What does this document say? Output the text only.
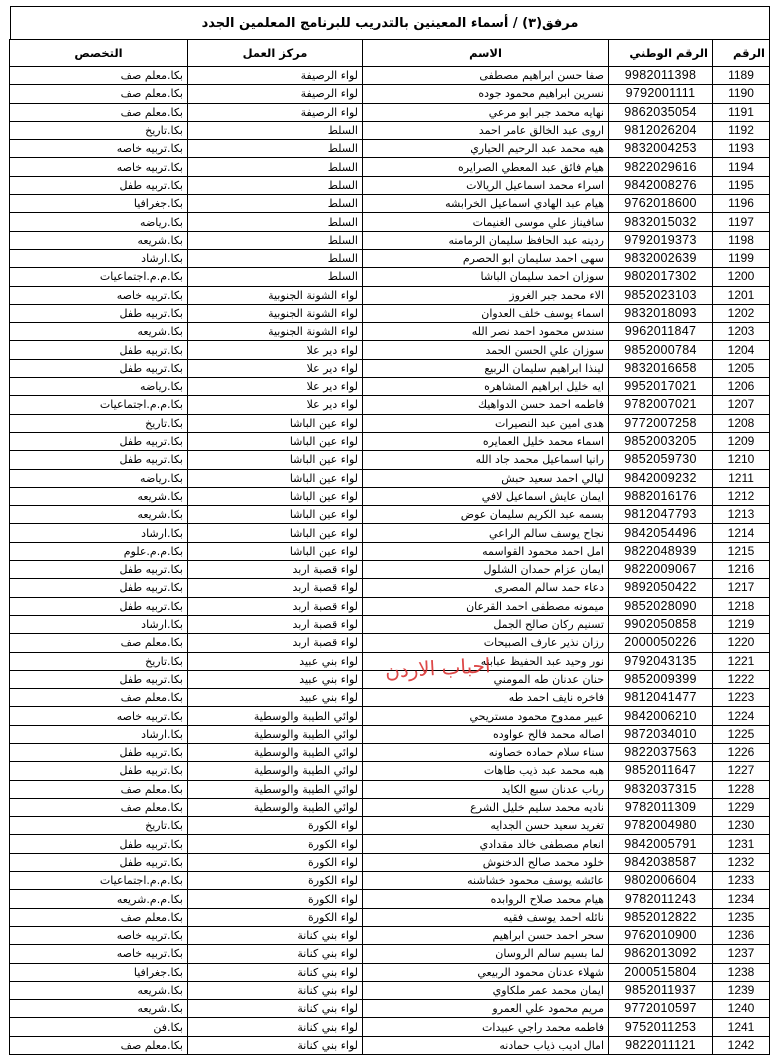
مرفق(٣) / أسماء المعينين بالتدريب للبرنامج المعلمين الجدد
الرقم	الرقم الوطني	الاسم	مركز العمل	التخصص
1189	9982011398	صفا حسن ابراهيم مصطفى	لواء الرصيفة	بكا.معلم صف
1190	9792001111	نسرين ابراهيم محمود جوده	لواء الرصيفة	بكا.معلم صف
1191	9862035054	نهايه محمد جبر ابو مرعي	لواء الرصيفة	بكا.معلم صف
1192	9812026204	اروى عبد الخالق عامر احمد	السلط	بكا.تاريخ
1193	9832004253	هيه محمد عبد الرحيم الحياري	السلط	بكا.تربيه خاصه
1194	9822029616	هيام فائق عبد المعطي الصرايره	السلط	بكا.تربيه خاصه
1195	9842008276	اسراء محمد اسماعيل الريالات	السلط	بكا.تربيه طفل
1196	9762018600	هيام عبد الهادي اسماعيل الخرابشه	السلط	بكا.جغرافيا
1197	9832015032	سافيناز علي موسى الغنيمات	السلط	بكا.رياضه
1198	9792019373	ردينه عبد الحافظ سليمان الرمامنه	السلط	بكا.شريعه
1199	9832002639	سهى احمد سليمان ابو الحصرم	السلط	بكا.ارشاد
1200	9802017302	سوزان احمد سليمان الباشا	السلط	بكا.م.م.اجتماعيات
1201	9852023103	الاء محمد جبر الغروز	لواء الشونة الجنوبية	بكا.تربيه خاصه
1202	9832018093	اسماء يوسف خلف العدوان	لواء الشونة الجنوبية	بكا.تربيه طفل
1203	9962011847	سندس محمود احمد نصر الله	لواء الشونة الجنوبية	بكا.شريعه
1204	9852000784	سوزان علي الحسن الحمد	لواء دير علا	بكا.تربيه طفل
1205	9832016658	لينذا ابراهيم سليمان الربيع	لواء دير علا	بكا.تربيه طفل
1206	9952017021	ايه خليل ابراهيم المشاهره	لواء دير علا	بكا.رياضه
1207	9782007021	فاطمه احمد حسن الدواهيك	لواء دير علا	بكا.م.م.اجتماعيات
1208	9772007258	هدى امين عبد النصيرات	لواء عين الباشا	بكا.تاريخ
1209	9852003205	اسماء محمد خليل العمايره	لواء عين الباشا	بكا.تربيه طفل
1210	9852059730	رانيا اسماعيل محمد جاد الله	لواء عين الباشا	بكا.تربيه طفل
1211	9842009232	ليالي احمد سعيد حبش	لواء عين الباشا	بكا.رياضه
1212	9882016176	ايمان عايش اسماعيل لافي	لواء عين الباشا	بكا.شريعه
1213	9812047793	بسمه عبد الكريم سليمان عوض	لواء عين الباشا	بكا.شريعه
1214	9842054496	نجاح يوسف سالم الراعي	لواء عين الباشا	بكا.ارشاد
1215	9822048939	امل احمد محمود القواسمه	لواء عين الباشا	بكا.م.م.علوم
1216	9822009067	ايمان عزام حمدان الشلول	لواء قصبة اربد	بكا.تربيه طفل
1217	9892050422	دعاء حمد سالم المصرى	لواء قصبة اربد	بكا.تربيه طفل
1218	9852028090	ميمونه مصطفى احمد القرعان	لواء قصبة اربد	بكا.تربيه طفل
1219	9902050858	تسنيم ركان صالح الجمل	لواء قصبة اربد	بكا.ارشاد
1220	2000050226	رزان نذير عارف الصبيحات	لواء قصبة اربد	بكا.معلم صف
1221	9792043135	نور وحيد عبد الحفيظ عبابنه	لواء بني عبيد	بكا.تاريخ
1222	9852009399	حنان عدنان طه المومني	لواء بني عبيد	بكا.تربيه طفل
1223	9812041477	فاخره نايف احمد طه	لواء بني عبيد	بكا.معلم صف
1224	9842006210	عبير ممدوح محمود مستريحي	لوائي الطيبة والوسطية	بكا.تربيه خاصه
1225	9872034010	اصاله محمد فالح عواوده	لوائي الطيبة والوسطية	بكا.ارشاد
1226	9822037563	سناء سلام حماده خصاونه	لوائي الطيبة والوسطية	بكا.تربيه طفل
1227	9852011647	هبه محمد عبد ذيب طاهات	لوائي الطيبة والوسطية	بكا.تربيه طفل
1228	9832037315	رباب عدنان سبع الكايد	لوائي الطيبة والوسطية	بكا.معلم صف
1229	9782011309	ناديه محمد سليم خليل الشرع	لوائي الطيبة والوسطية	بكا.معلم صف
1230	9782004980	تغريد سعيد حسن الجدايه	لواء الكورة	بكا.تاريخ
1231	9842005791	انعام مصطفى خالد مقدادي	لواء الكورة	بكا.تربيه طفل
1232	9842038587	خلود محمد صالح الدخنوش	لواء الكورة	بكا.تربيه طفل
1233	9802006604	عائشه يوسف محمود خشاشنه	لواء الكورة	بكا.م.م.اجتماعيات
1234	9782011243	هيام محمد صلاح الروابده	لواء الكورة	بكا.م.م.شريعه
1235	9852012822	نائله احمد يوسف فقيه	لواء الكورة	بكا.معلم صف
1236	9762010900	سحر احمد حسن ابراهيم	لواء بني كنانة	بكا.تربيه خاصه
1237	9862013092	لما بسيم سالم الروسان	لواء بني كنانة	بكا.تربيه خاصه
1238	2000515804	شهلاء عدنان محمود الربيعي	لواء بني كنانة	بكا.جغرافيا
1239	9852011937	ايمان محمد عمر ملكاوي	لواء بني كنانة	بكا.شريعه
1240	9772010597	مريم محمود علي العمرو	لواء بني كنانة	بكا.شريعه
1241	9752011253	فاطمه محمد راجي عبيدات	لواء بني كنانة	بكا.فن
1242	9822011121	امال اديب ذياب حمادنه	لواء بني كنانة	بكا.معلم صف
احباب الاردن
